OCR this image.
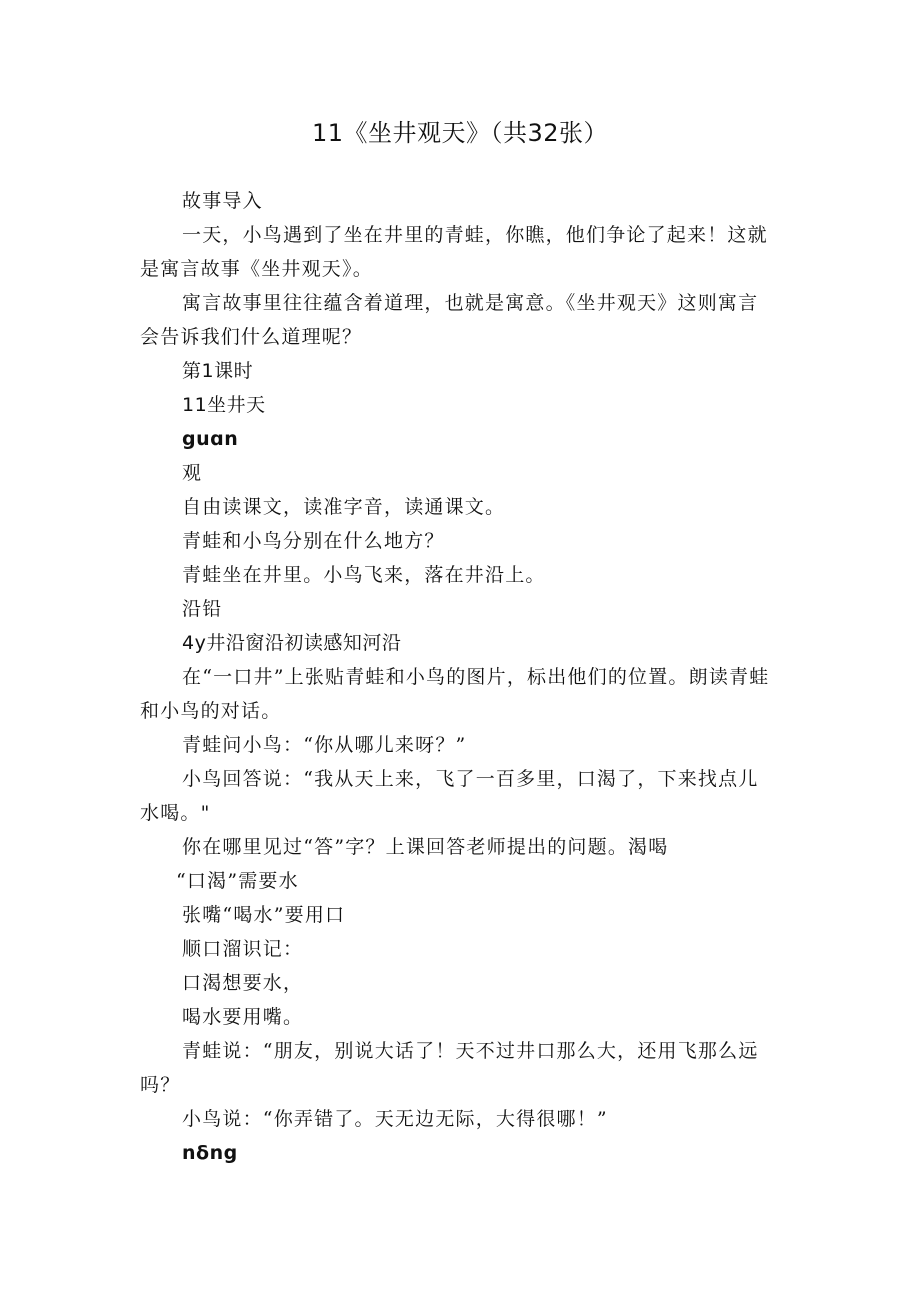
11《坐井观天》（共32张）

故事导入

一天，小鸟遇到了坐在井里的青蛙，你瞧，他们争论了起来！这就是寓言故事《坐井观天》。

寓言故事里往往蕴含着道理，也就是寓意。《坐井观天》这则寓言会告诉我们什么道理呢？

第1课时

11坐井天

guɑn

观

自由读课文，读准字音，读通课文。

青蛙和小鸟分别在什么地方？

青蛙坐在井里。小鸟飞来，落在井沿上。

沿铅

4y井沿窗沿初读感知河沿

在“一口井”上张贴青蛙和小鸟的图片，标出他们的位置。朗读青蛙和小鸟的对话。

青蛙问小鸟：“你从哪儿来呀？”

小鸟回答说：“我从天上来，飞了一百多里，口渴了，下来找点儿水喝。"

你在哪里见过“答”字？上课回答老师提出的问题。渴喝

“口渴”需要水

张嘴“喝水”要用口

顺口溜识记：

口渴想要水，

喝水要用嘴。

青蛙说：“朋友，别说大话了！天不过井口那么大，还用飞那么远吗？

小鸟说：“你弄错了。天无边无际，大得很哪！”

nδng
